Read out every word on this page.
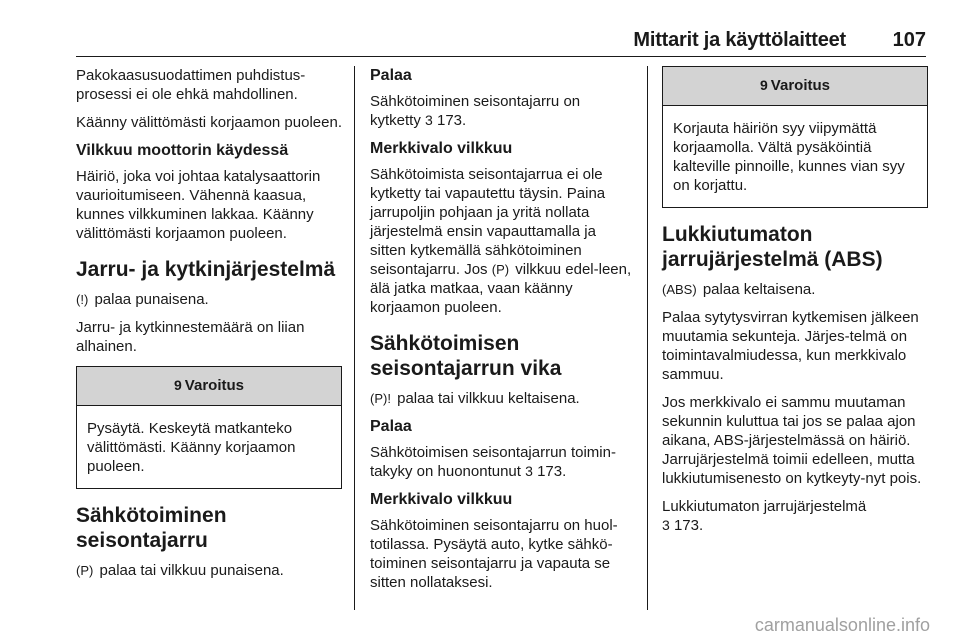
Mittarit ja käyttölaitteet 107

Pakokaasusuodattimen puhdistus-prosessi ei ole ehkä mahdollinen.

Käänny välittömästi korjaamon puoleen.

Vilkkuu moottorin käydessä

Häiriö, joka voi johtaa katalysaattorin vaurioitumiseen. Vähennä kaasua, kunnes vilkkuminen lakkaa. Käänny välittömästi korjaamon puoleen.

Jarru- ja kytkinjärjestelmä

(!) palaa punaisena.

Jarru- ja kytkinnestemäärä on liian alhainen.

9 Varoitus
Pysäytä. Keskeytä matkanteko välittömästi. Käänny korjaamon puoleen.
Sähkötoiminen seisontajarru

(P) palaa tai vilkkuu punaisena.

Palaa

Sähkötoiminen seisontajarru on kytketty 3 173.

Merkkivalo vilkkuu

Sähkötoimista seisontajarrua ei ole kytketty tai vapautettu täysin. Paina jarrupoljin pohjaan ja yritä nollata järjestelmä ensin vapauttamalla ja sitten kytkemällä sähkötoiminen seisontajarru. Jos (P) vilkkuu edel-leen, älä jatka matkaa, vaan käänny korjaamon puoleen.

Sähkötoimisen seisontajarrun vika

(P)! palaa tai vilkkuu keltaisena.

Palaa

Sähkötoimisen seisontajarrun toimin-takyky on huonontunut 3 173.

Merkkivalo vilkkuu

Sähkötoiminen seisontajarru on huol-totilassa. Pysäytä auto, kytke sähkö-toiminen seisontajarru ja vapauta se sitten nollataksesi.

9 Varoitus
Korjauta häiriön syy viipymättä korjaamolla. Vältä pysäköintiä kalteville pinnoille, kunnes vian syy on korjattu.
Lukkiutumaton jarrujärjestelmä (ABS)

(ABS) palaa keltaisena.

Palaa sytytysvirran kytkemisen jälkeen muutamia sekunteja. Järjes-telmä on toimintavalmiudessa, kun merkkivalo sammuu.

Jos merkkivalo ei sammu muutaman sekunnin kuluttua tai jos se palaa ajon aikana, ABS-järjestelmässä on häiriö. Jarrujärjestelmä toimii edelleen, mutta lukkiutumisenesto on kytkeyty-nyt pois.

Lukkiutumaton jarrujärjestelmä
3 173.

carmanualsonline.info
